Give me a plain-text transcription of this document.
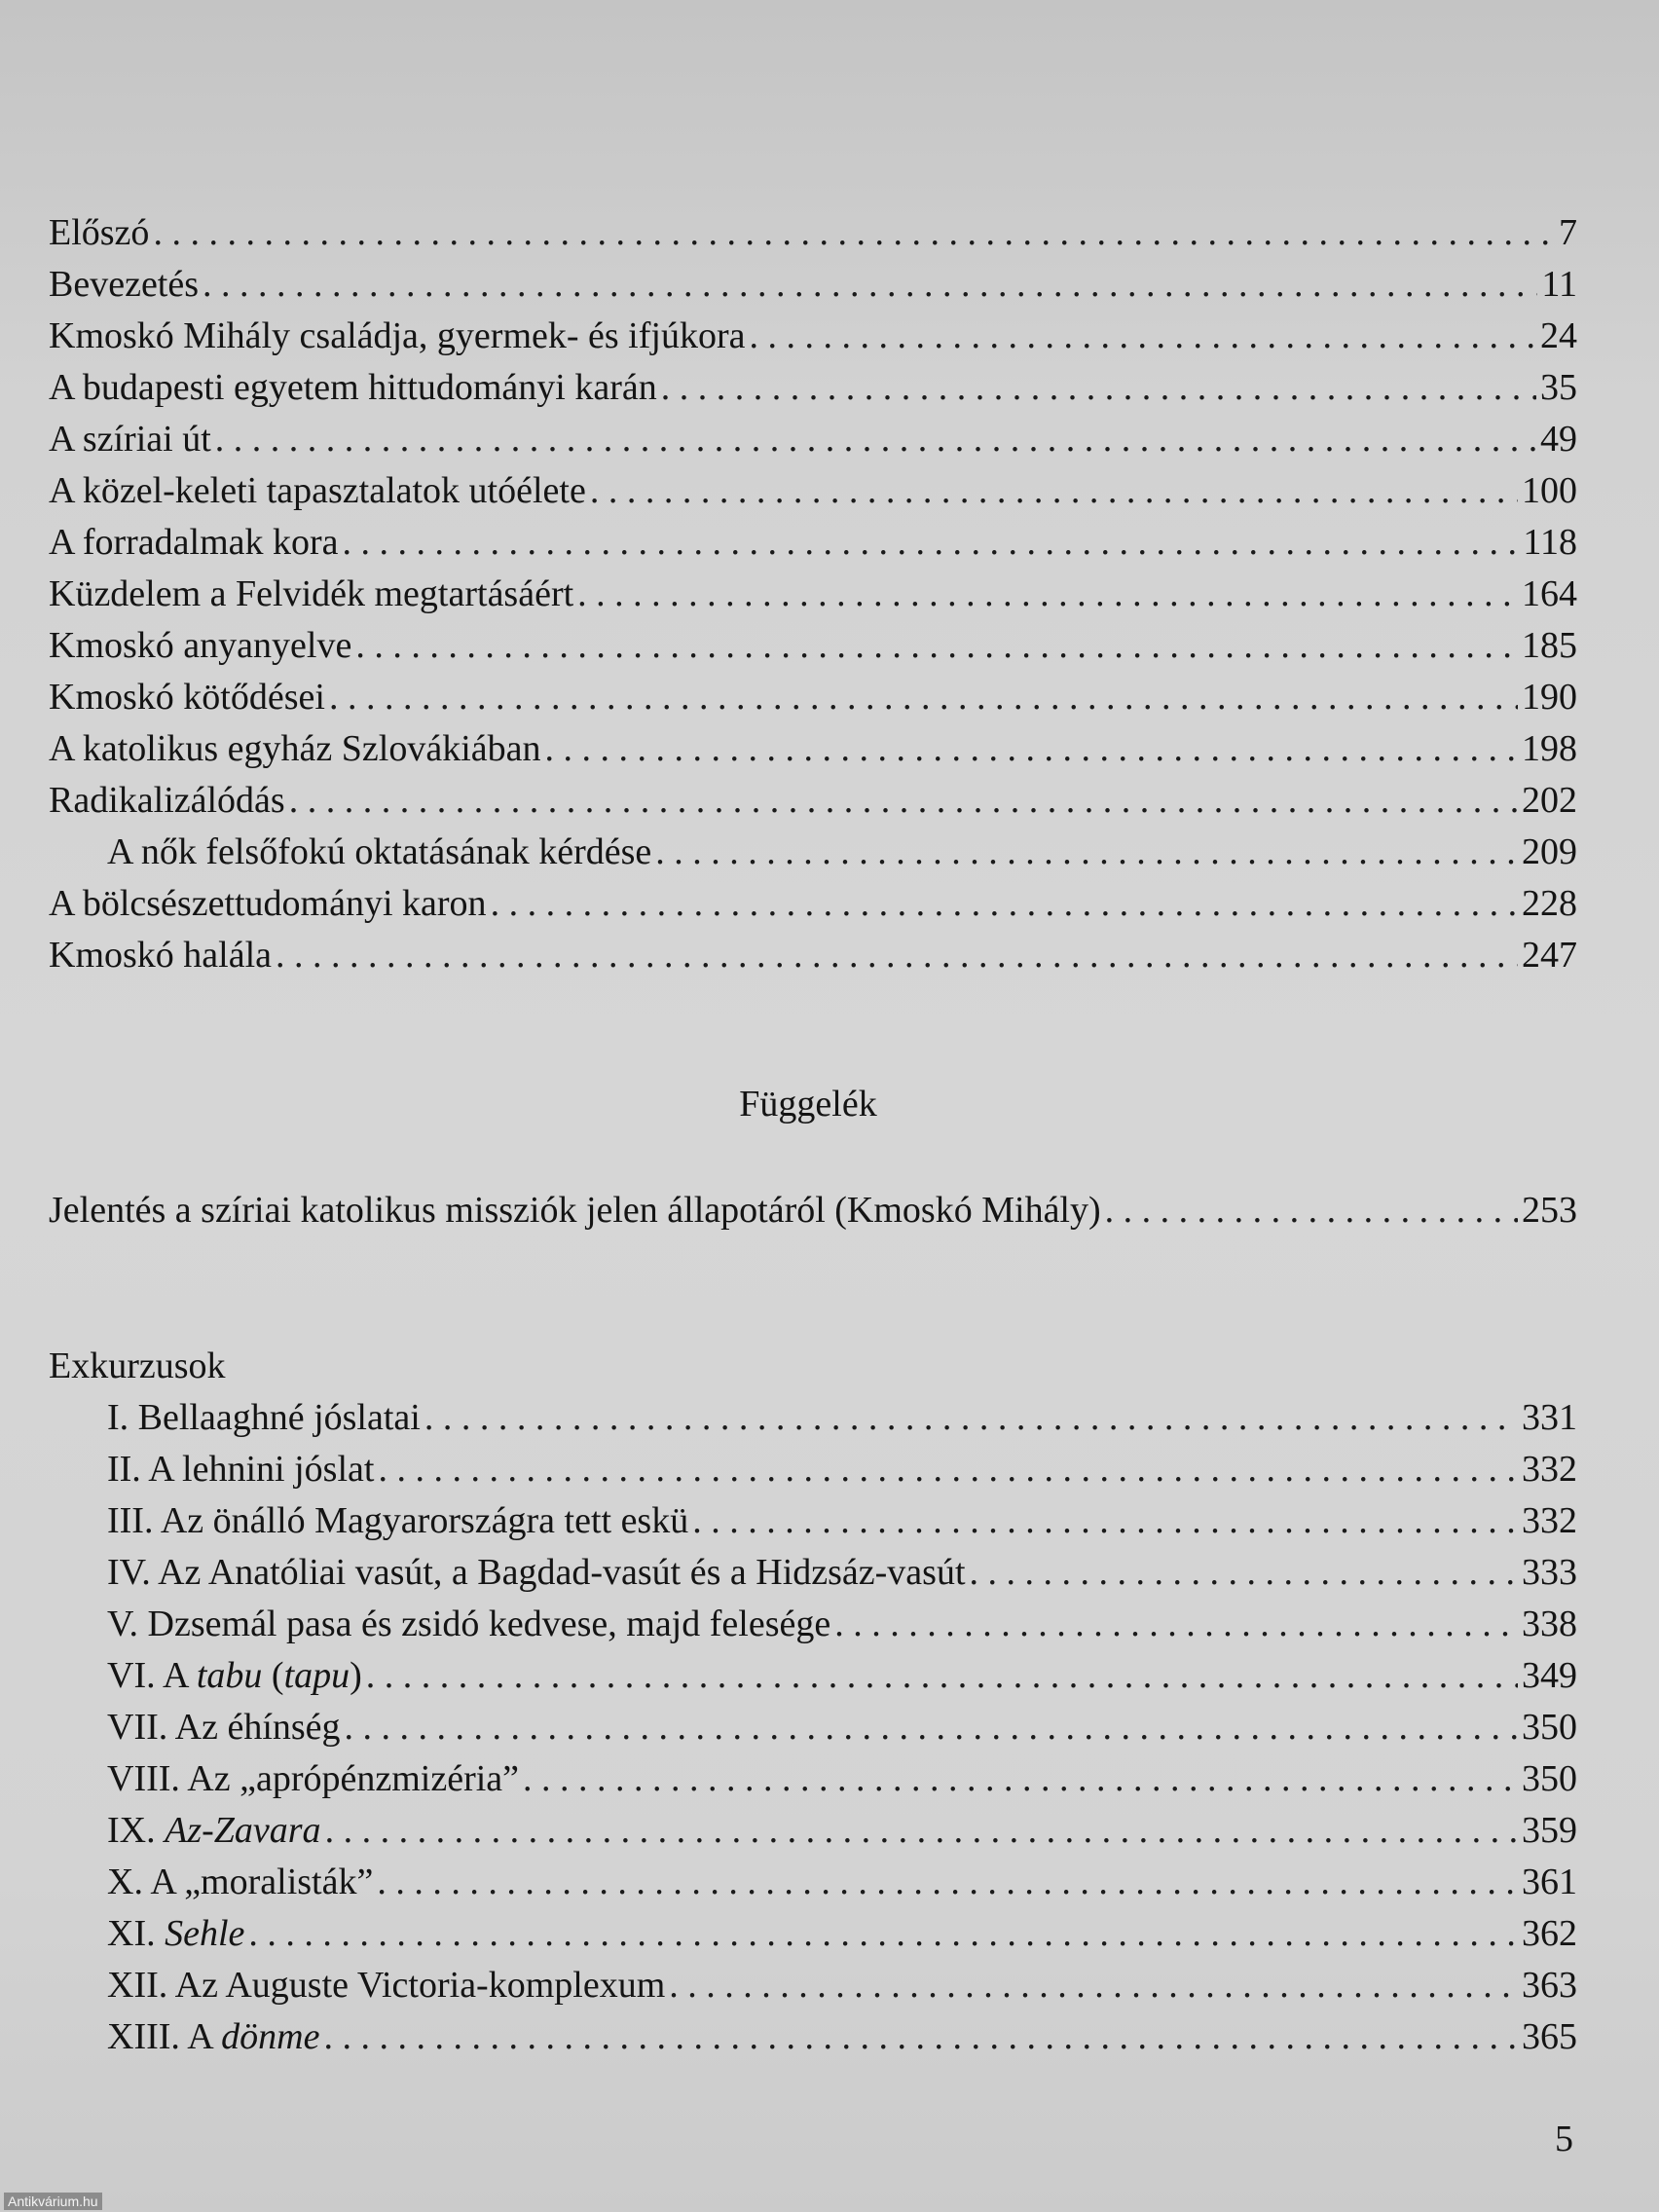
Előszó . . .	7
Bevezetés . . .	11
Kmoskó Mihály családja, gyermek- és ifjúkora . . .	24
A budapesti egyetem hittudományi karán . . .	35
A szíriai út . . .	49
A közel-keleti tapasztalatok utóélete . . .	100
A forradalmak kora . . .	118
Küzdelem a Felvidék megtartásáért . . .	164
Kmoskó anyanyelve . . .	185
Kmoskó kötődései . . .	190
A katolikus egyház Szlovákiában . . .	198
Radikalizálódás . . .	202
A nők felsőfokú oktatásának kérdése . . .	209
A bölcsészettudományi karon . . .	228
Kmoskó halála . . .	247
Függelék
Jelentés a szíriai katolikus missziók jelen állapotáról (Kmoskó Mihály) . . .	253
Exkurzusok
I. Bellaaghné jóslatai . . .	331
II. A lehnini jóslat . . .	332
III. Az önálló Magyarországra tett eskü . . .	332
IV. Az Anatóliai vasút, a Bagdad-vasút és a Hidzsáz-vasút . . .	333
V. Dzsemál pasa és zsidó kedvese, majd felesége . . .	338
VI. A tabu (tapu) . . .	349
VII. Az éhínség . . .	350
VIII. Az „aprópénzmizéria” . . .	350
IX. Az-Zavara . . .	359
X. A „moralisták” . . .	361
XI. Sehle . . .	362
XII. Az Auguste Victoria-komplexum . . .	363
XIII. A dönme . . .	365
5
Antikvárium.hu
